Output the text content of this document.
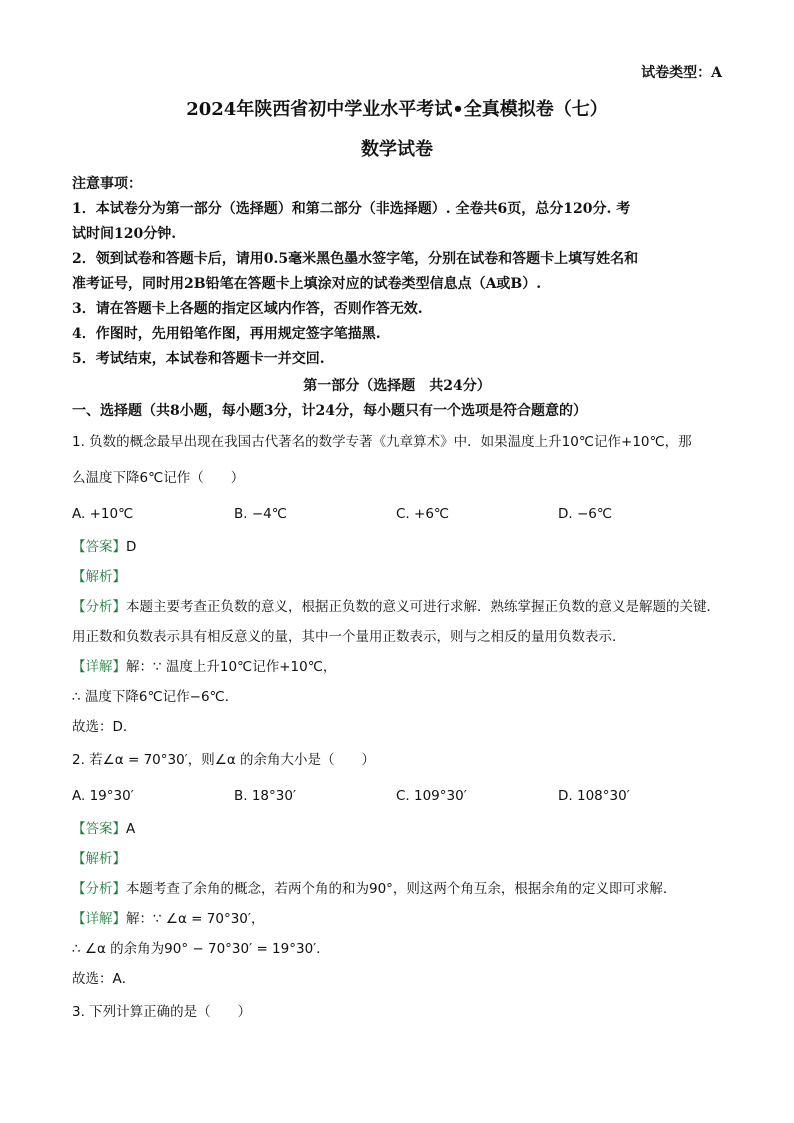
试卷类型：A
2024年陕西省初中学业水平考试•全真模拟卷（七）
数学试卷
注意事项：
1．本试卷分为第一部分（选择题）和第二部分（非选择题）. 全卷共6页，总分120分. 考
试时间120分钟.
2．领到试卷和答题卡后，请用0.5毫米黑色墨水签字笔，分别在试卷和答题卡上填写姓名和
准考证号，同时用2B铅笔在答题卡上填涂对应的试卷类型信息点（A或B）.
3．请在答题卡上各题的指定区域内作答，否则作答无效.
4．作图时，先用铅笔作图，再用规定签字笔描黑.
5．考试结束，本试卷和答题卡一并交回.
第一部分（选择题　共24分）
一、选择题（共8小题，每小题3分，计24分，每小题只有一个选项是符合题意的）
1. 负数的概念最早出现在我国古代著名的数学专著《九章算术》中．如果温度上升10℃记作+10℃，那
么温度下降6℃记作（　　）
A. +10℃	B. −4℃	C. +6℃	D. −6℃
【答案】D
【解析】
【分析】本题主要考查正负数的意义，根据正负数的意义可进行求解．熟练掌握正负数的意义是解题的关键．用正数和负数表示具有相反意义的量，其中一个量用正数表示，则与之相反的量用负数表示．
【详解】解：∵ 温度上升10℃记作+10℃，
∴ 温度下降6℃记作−6℃．
故选：D．
2. 若∠α = 70°30′，则∠α 的余角大小是（　　）
A. 19°30′	B. 18°30′	C. 109°30′	D. 108°30′
【答案】A
【解析】
【分析】本题考查了余角的概念，若两个角的和为90°，则这两个角互余，根据余角的定义即可求解．
【详解】解：∵ ∠α = 70°30′，
∴ ∠α 的余角为90° − 70°30′ = 19°30′．
故选：A．
3. 下列计算正确的是（　　）
